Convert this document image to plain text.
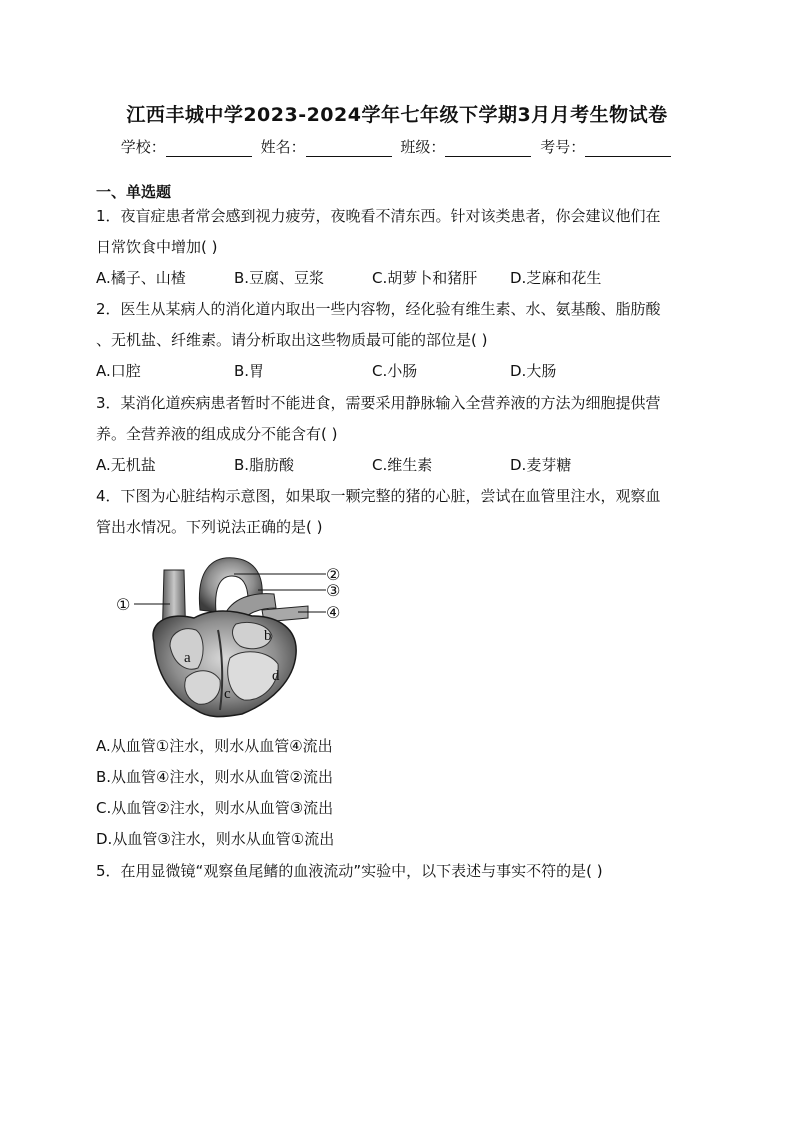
江西丰城中学2023-2024学年七年级下学期3月月考生物试卷
学校：	姓名：	班级：	考号：
一、单选题
1．夜盲症患者常会感到视力疲劳，夜晚看不清东西。针对该类患者，你会建议他们在
日常饮食中增加( )
A.橘子、山楂	B.豆腐、豆浆	C.胡萝卜和猪肝 D.芝麻和花生
2．医生从某病人的消化道内取出一些内容物，经化验有维生素、水、氨基酸、脂肪酸
、无机盐、纤维素。请分析取出这些物质最可能的部位是( )
A.口腔	B.胃	C.小肠	D.大肠
3．某消化道疾病患者暂时不能进食，需要采用静脉输入全营养液的方法为细胞提供营
养。全营养液的组成成分不能含有( )
A.无机盐	B.脂肪酸	C.维生素	D.麦芽糖
4．下图为心脏结构示意图，如果取一颗完整的猪的心脏，尝试在血管里注水，观察血
管出水情况。下列说法正确的是( )
a
b
c
d
①
②
③
④
A.从血管①注水，则水从血管④流出
B.从血管④注水，则水从血管②流出
C.从血管②注水，则水从血管③流出
D.从血管③注水，则水从血管①流出
5．在用显微镜“观察鱼尾鳍的血液流动”实验中，以下表述与事实不符的是( )
